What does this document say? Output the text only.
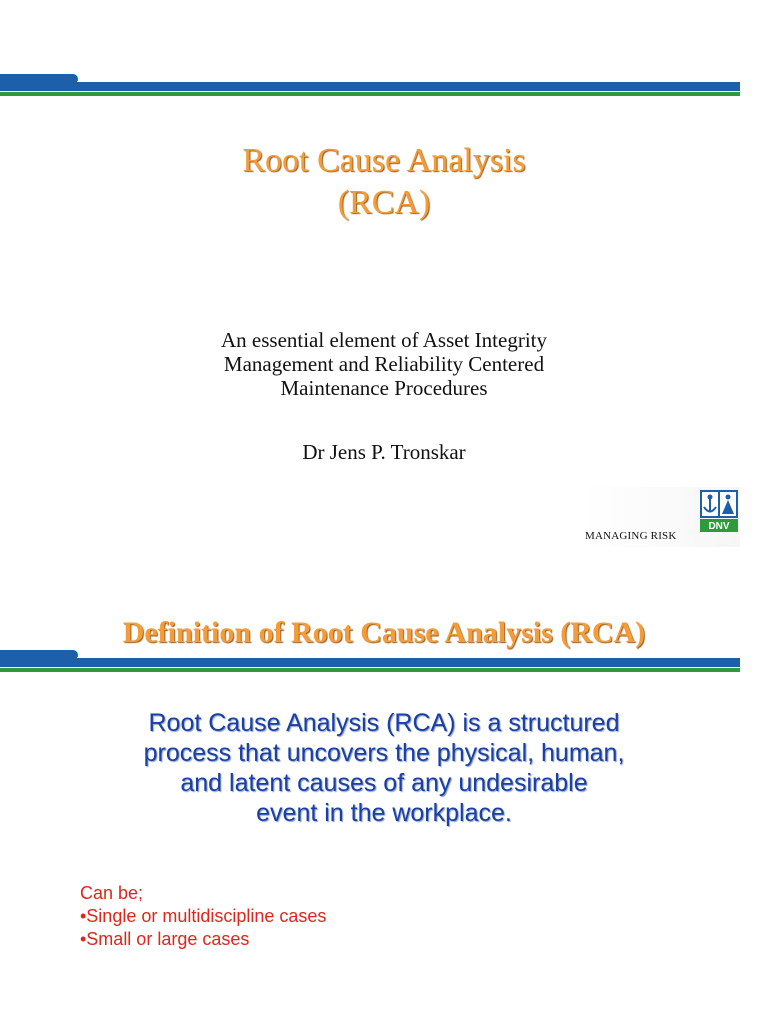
Root Cause Analysis
(RCA)
An essential element of Asset Integrity
Management and Reliability Centered
Maintenance Procedures
Dr Jens P. Tronskar
MANAGING RISK
DNV
Definition of Root Cause Analysis (RCA)
Root Cause Analysis (RCA) is a structured
process that uncovers the physical, human,
and latent causes of any undesirable
event in the workplace.
Can be;
•Single or multidiscipline cases
•Small or large cases
